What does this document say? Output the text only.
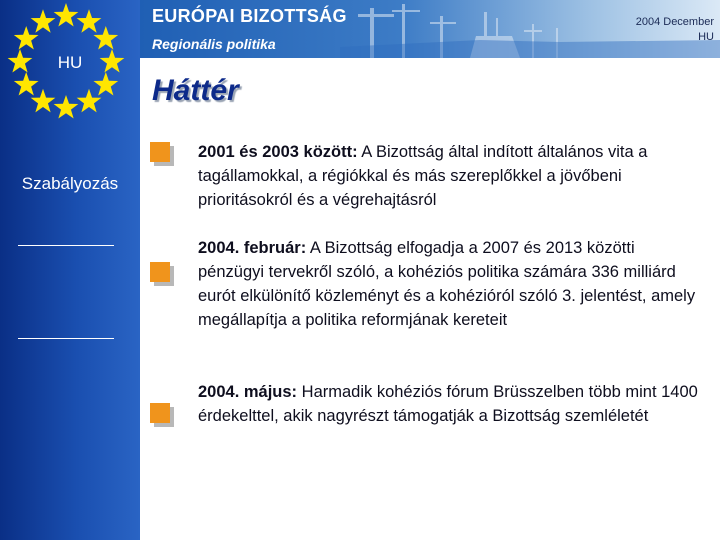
HU
Szabályozás
EURÓPAI BIZOTTSÁG
Regionális politika
2004 December
HU
Háttér
2001 és 2003 között: A Bizottság által indított általános vita a tagállamokkal, a régiókkal és más szereplőkkel a jövőbeni prioritásokról és a végrehajtásról
2004. február: A Bizottság elfogadja a 2007 és 2013 közötti pénzügyi tervekről szóló, a kohéziós politika számára 336 milliárd eurót elkülönítő közleményt és a kohézióról szóló 3. jelentést, amely megállapítja a politika reformjának kereteit
2004. május: Harmadik kohéziós fórum Brüsszelben több mint 1400 érdekelttel, akik nagyrészt támogatják a Bizottság szemléletét
